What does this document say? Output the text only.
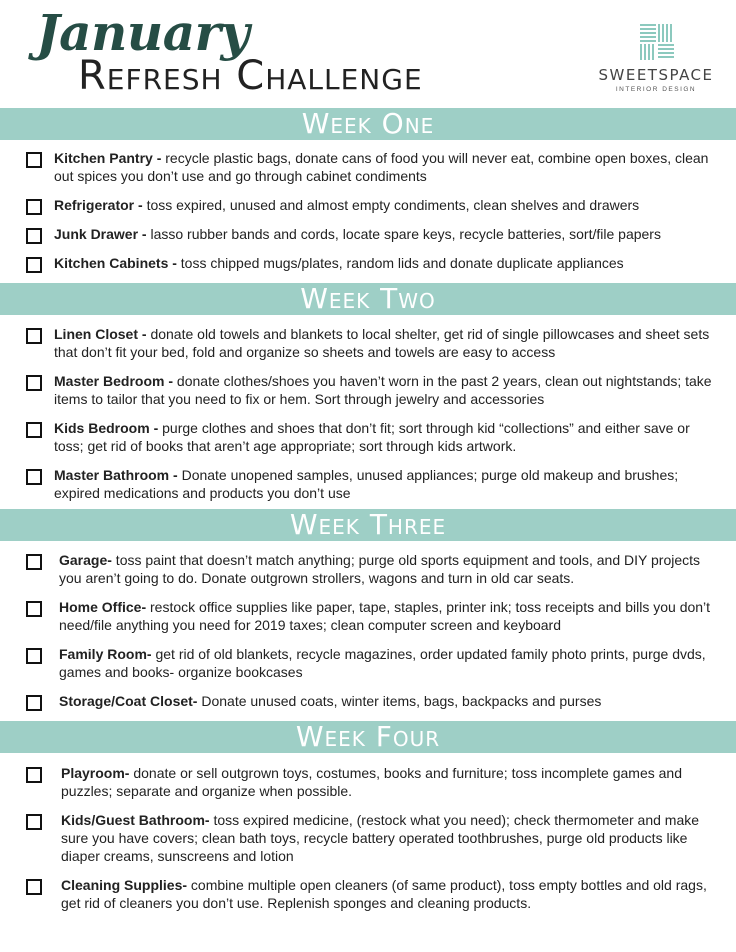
January
Refresh Challenge	SWEETSPACE
INTERIOR DESIGN
Week One
Kitchen Pantry - recycle plastic bags, donate cans of food you will never eat, combine open boxes, clean out spices you don’t use and go through cabinet condiments
Refrigerator - toss expired, unused and almost empty condiments, clean shelves and drawers
Junk Drawer - lasso rubber bands and cords, locate spare keys, recycle batteries, sort/file papers
Kitchen Cabinets - toss chipped mugs/plates, random lids and donate duplicate appliances
Week Two
Linen Closet - donate old towels and blankets to local shelter, get rid of single pillowcases and sheet sets that don’t fit your bed, fold and organize so sheets and towels are easy to access
Master Bedroom - donate clothes/shoes you haven’t worn in the past 2 years, clean out nightstands; take items to tailor that you need to fix or hem. Sort through jewelry and accessories
Kids Bedroom - purge clothes and shoes that don’t fit; sort through kid “collections” and either save or toss; get rid of books that aren’t age appropriate; sort through kids artwork.
Master Bathroom - Donate unopened samples, unused appliances; purge old makeup and brushes; expired medications and products you don’t use
Week Three
Garage- toss paint that doesn’t match anything; purge old sports equipment and tools, and DIY projects you aren’t going to do. Donate outgrown strollers, wagons and turn in old car seats.
Home Office- restock office supplies like paper, tape, staples, printer ink; toss receipts and bills you don’t need/file anything you need for 2019 taxes; clean computer screen and keyboard
Family Room- get rid of old blankets, recycle magazines, order updated family photo prints, purge dvds, games and books- organize bookcases
Storage/Coat Closet- Donate unused coats, winter items, bags, backpacks and purses
Week Four
Playroom- donate or sell outgrown toys, costumes, books and furniture; toss incomplete games and puzzles; separate and organize when possible.
Kids/Guest Bathroom- toss expired medicine, (restock what you need); check thermometer and make sure you have covers; clean bath toys, recycle battery operated toothbrushes, purge old products like diaper creams, sunscreens and lotion
Cleaning Supplies- combine multiple open cleaners (of same product), toss empty bottles and old rags, get rid of cleaners you don’t use. Replenish sponges and cleaning products.
